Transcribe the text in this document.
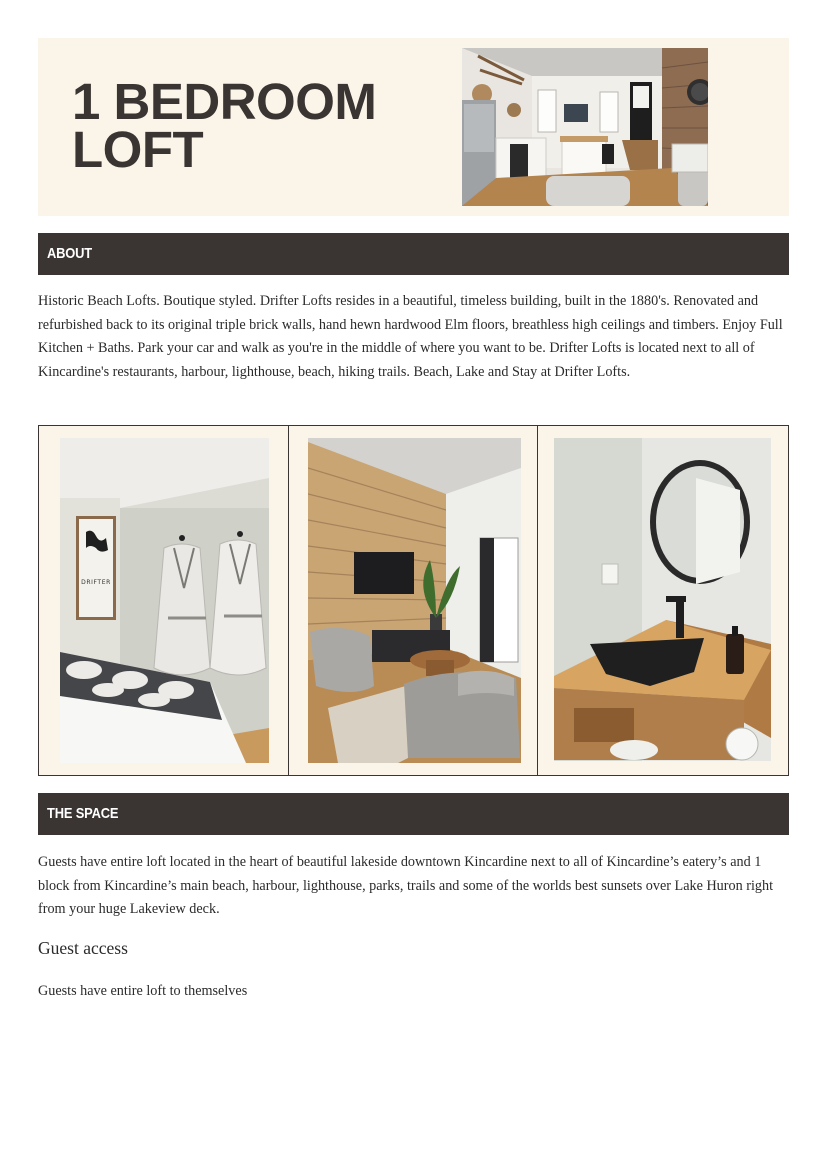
1 BEDROOM
LOFT
ABOUT

Historic Beach Lofts. Boutique styled. Drifter Lofts resides in a beautiful, timeless building, built in the 1880's. Renovated and refurbished back to its original triple brick walls, hand hewn hardwood Elm floors, breathless high ceilings and timbers. Enjoy Full Kitchen + Baths. Park your car and walk as you're in the middle of where you want to be. Drifter Lofts is located next to all of Kincardine's restaurants, harbour, lighthouse, beach, hiking trails. Beach, Lake and Stay at Drifter Lofts.

DRIFTER
THE SPACE

Guests have entire loft located in the heart of beautiful lakeside downtown Kincardine next to all of Kincardine’s eatery’s and 1 block from Kincardine’s main beach, harbour, lighthouse, parks, trails and some of the worlds best sunsets over Lake Huron right from your huge Lakeview deck.

Guest access

Guests have entire loft to themselves
